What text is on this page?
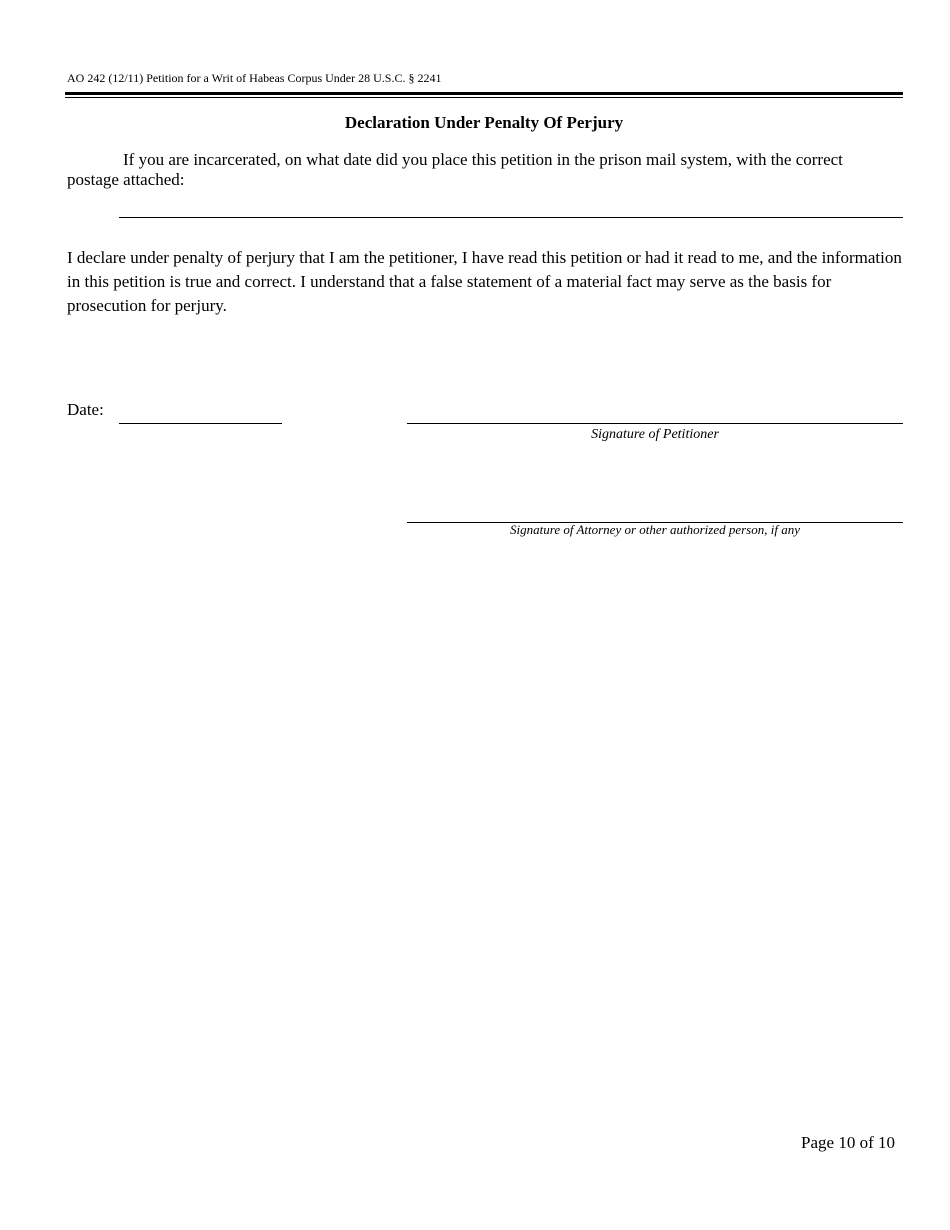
AO 242 (12/11) Petition for a Writ of Habeas Corpus Under 28 U.S.C. § 2241
Declaration Under Penalty Of Perjury
If you are incarcerated, on what date did you place this petition in the prison mail system, with the correct postage attached:
I declare under penalty of perjury that I am the petitioner, I have read this petition or had it read to me, and the information in this petition is true and correct. I understand that a false statement of a material fact may serve as the basis for prosecution for perjury.
Date:
Signature of Petitioner
Signature of Attorney or other authorized person, if any
Page 10 of 10
